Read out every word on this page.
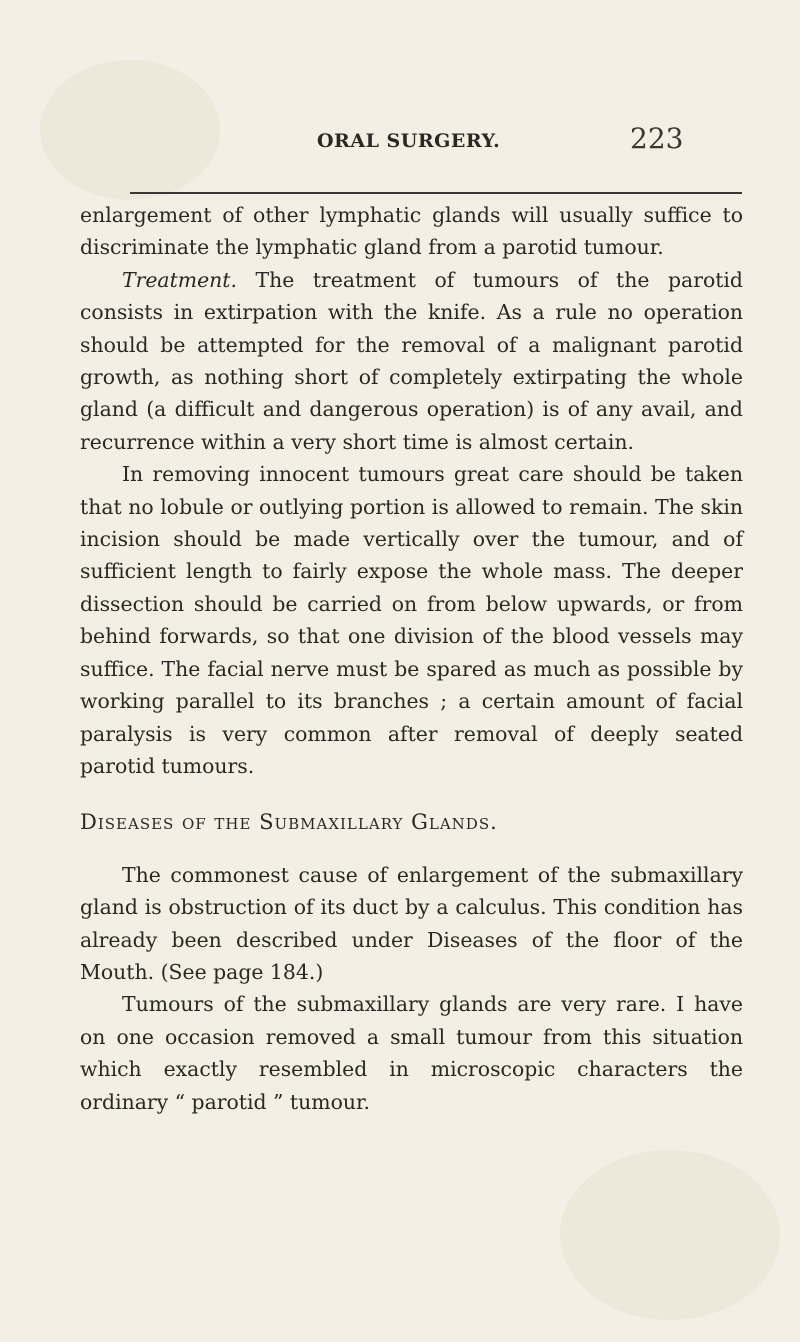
ORAL SURGERY.	223

enlargement of other lymphatic glands will usually suffice to discriminate the lymphatic gland from a parotid tumour.

Treatment. The treatment of tumours of the parotid consists in extirpation with the knife. As a rule no operation should be attempted for the removal of a malignant parotid growth, as nothing short of completely extirpating the whole gland (a difficult and dangerous operation) is of any avail, and recurrence within a very short time is almost certain.

In removing innocent tumours great care should be taken that no lobule or outlying portion is allowed to remain. The skin incision should be made vertically over the tumour, and of sufficient length to fairly expose the whole mass. The deeper dissection should be carried on from below upwards, or from behind forwards, so that one division of the blood vessels may suffice. The facial nerve must be spared as much as possible by working parallel to its branches ; a certain amount of facial paralysis is very common after removal of deeply seated parotid tumours.

Diseases of the Submaxillary Glands.

The commonest cause of enlargement of the submaxillary gland is obstruction of its duct by a calculus. This condition has already been described under Diseases of the floor of the Mouth. (See page 184.)

Tumours of the submaxillary glands are very rare. I have on one occasion removed a small tumour from this situation which exactly resembled in microscopic characters the ordinary “ parotid ” tumour.
